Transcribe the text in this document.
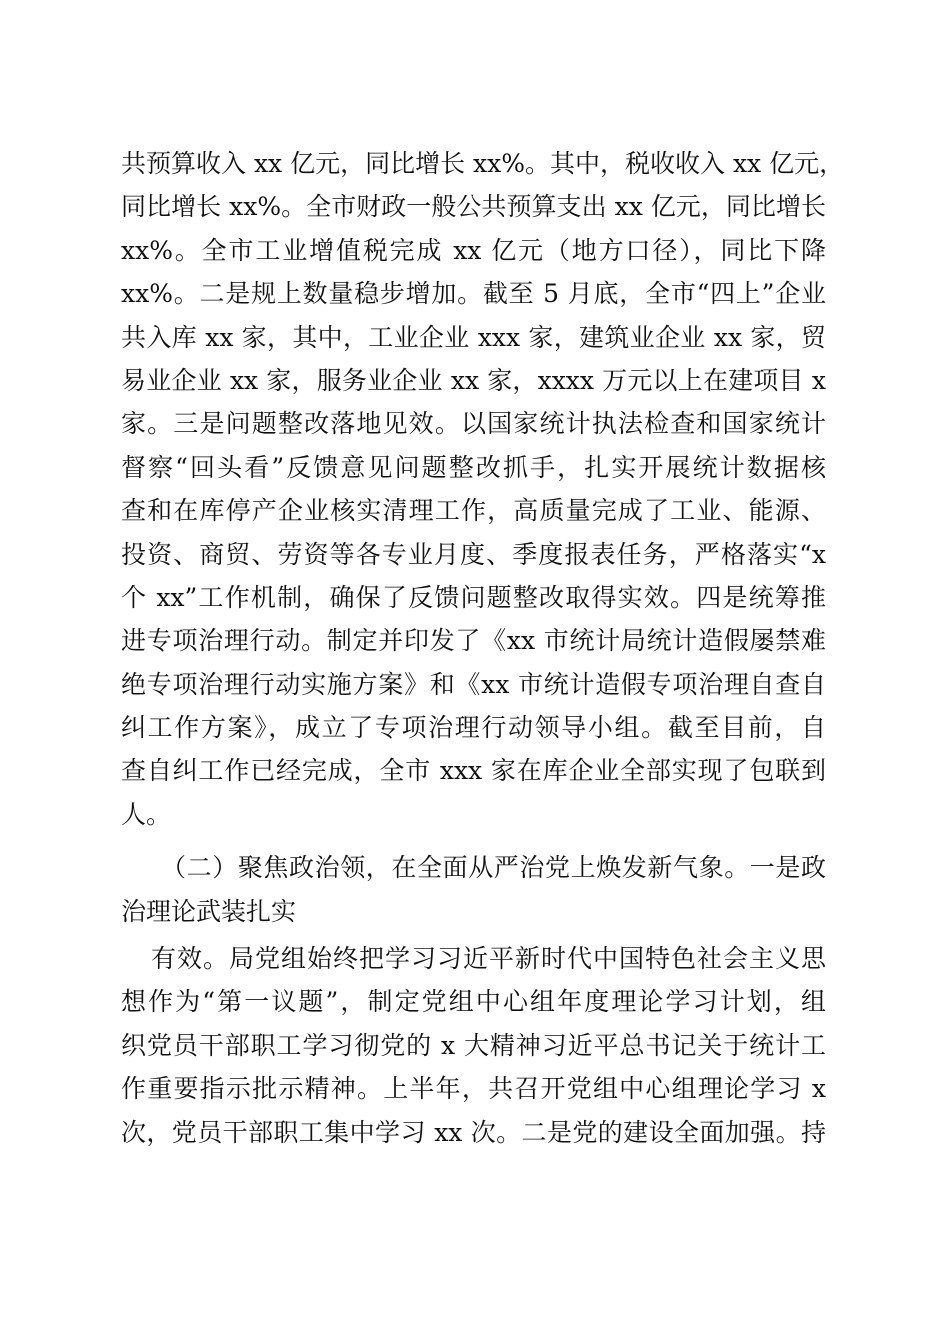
共预算收入 xx 亿元，同比增长 xx%。其中，税收收入 xx 亿元，
同比增长 xx%。全市财政一般公共预算支出 xx 亿元，同比增长
xx%。全市工业增值税完成 xx 亿元（地方口径），同比下降
xx%。二是规上数量稳步增加。截至 5 月底，全市“四上”企业
共入库 xx 家，其中，工业企业 xxx 家，建筑业企业 xx 家，贸
易业企业 xx 家，服务业企业 xx 家，xxxx 万元以上在建项目 x
家。三是问题整改落地见效。以国家统计执法检查和国家统计
督察“回头看”反馈意见问题整改抓手，扎实开展统计数据核
查和在库停产企业核实清理工作，高质量完成了工业、能源、
投资、商贸、劳资等各专业月度、季度报表任务，严格落实“x
个 xx”工作机制，确保了反馈问题整改取得实效。四是统筹推
进专项治理行动。制定并印发了《xx 市统计局统计造假屡禁难
绝专项治理行动实施方案》和《xx 市统计造假专项治理自查自
纠工作方案》，成立了专项治理行动领导小组。截至目前，自
查自纠工作已经完成，全市 xxx 家在库企业全部实现了包联到
人。
（二）聚焦政治领，在全面从严治党上焕发新气象。一是政
治理论武装扎实
有效。局党组始终把学习习近平新时代中国特色社会主义思
想作为“第一议题”，制定党组中心组年度理论学习计划，组
织党员干部职工学习彻党的 x 大精神习近平总书记关于统计工
作重要指示批示精神。上半年，共召开党组中心组理论学习 x
次，党员干部职工集中学习 xx 次。二是党的建设全面加强。持
